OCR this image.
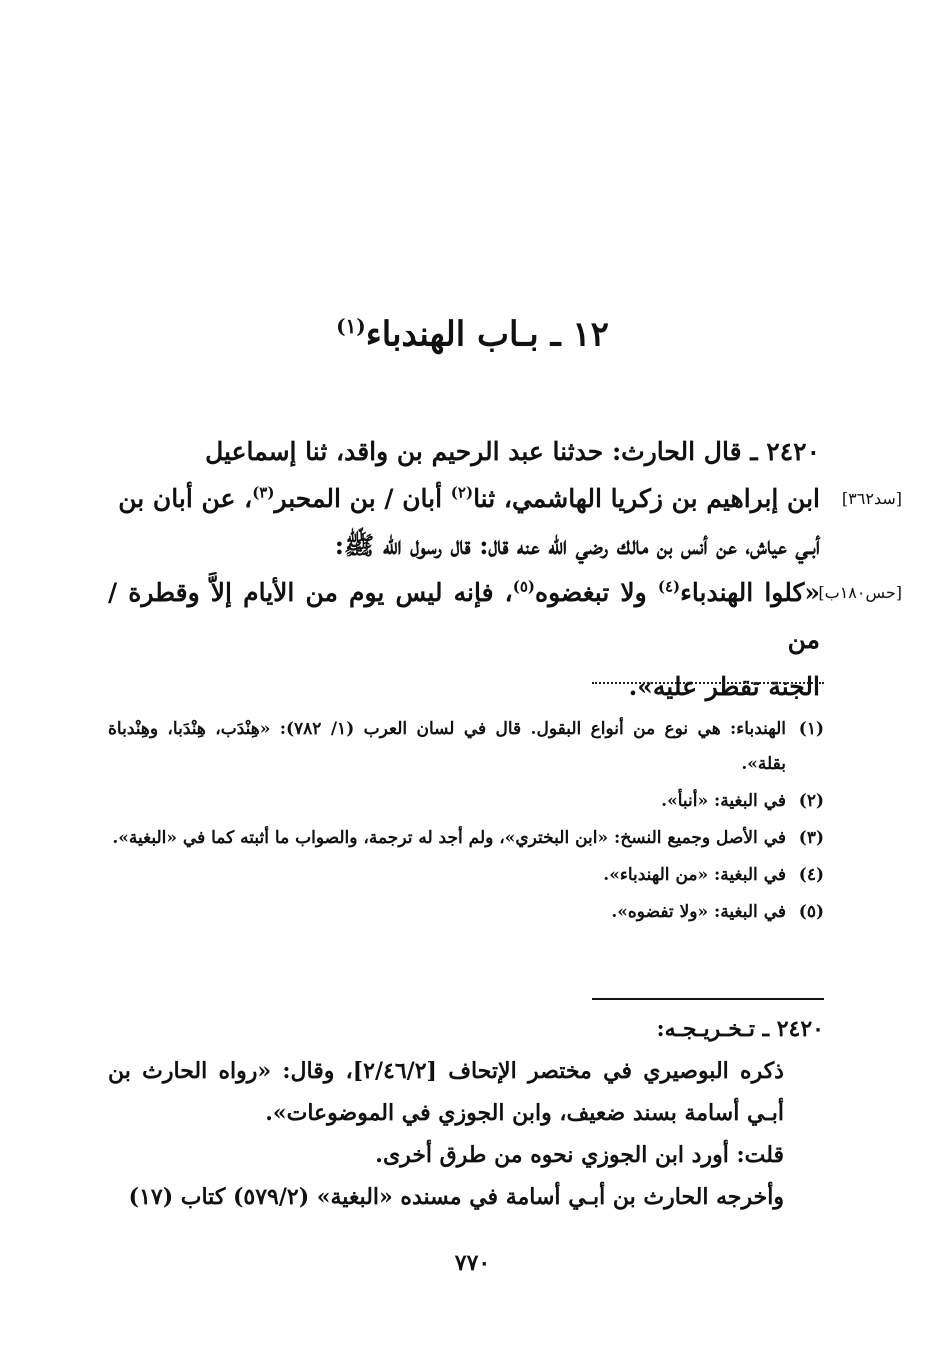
١٢ ـ بـاب الهندباء$^{(١)}$
٢٤٢٠ ـ قال الحارث: حدثنا عبد الرحيم بن واقد، ثنا إسماعيل
[سد٣٦٢]
ابن إبراهيم بن زكريا الهاشمي، ثنا$^{(٢)}$ أبان / بن المحبر$^{(٣)}$، عن أبان بن
أبـي عياش، عن أنس بن مالك رضي الله عنه قال: قال رسول الله ﷺ:
[حس١٨٠ب]
«كلوا الهندباء$^{(٤)}$ ولا تبغضوه$^{(٥)}$، فإنه ليس يوم من الأيام إلاَّ وقطرة / من
الجنة تقطر عليه».
(١)
الهندباء: هي نوع من أنواع البقول. قال في لسان العرب (١/ ٧٨٢): «هِنْدَب، هِنْدَبا، وهِنْدباة بقلة».
(٢)
في البغية: «أنبأ».
(٣)
في الأصل وجميع النسخ: «ابن البختري»، ولم أجد له ترجمة، والصواب ما أثبته كما في «البغية».
(٤)
في البغية: «من الهندباء».
(٥)
في البغية: «ولا تفضوه».

٢٤٢٠ ـ تـخـريـجـه:

ذكره البوصيري في مختصر الإتحاف [٢/٤٦/٢]، وقال: «رواه الحارث بن أبـي أسامة بسند ضعيف، وابن الجوزي في الموضوعات».

قلت: أورد ابن الجوزي نحوه من طرق أخرى.

وأخرجه الحارث بن أبـي أسامة في مسنده «البغية» (٥٧٩/٢) كتاب (١٧)

٧٧٠
